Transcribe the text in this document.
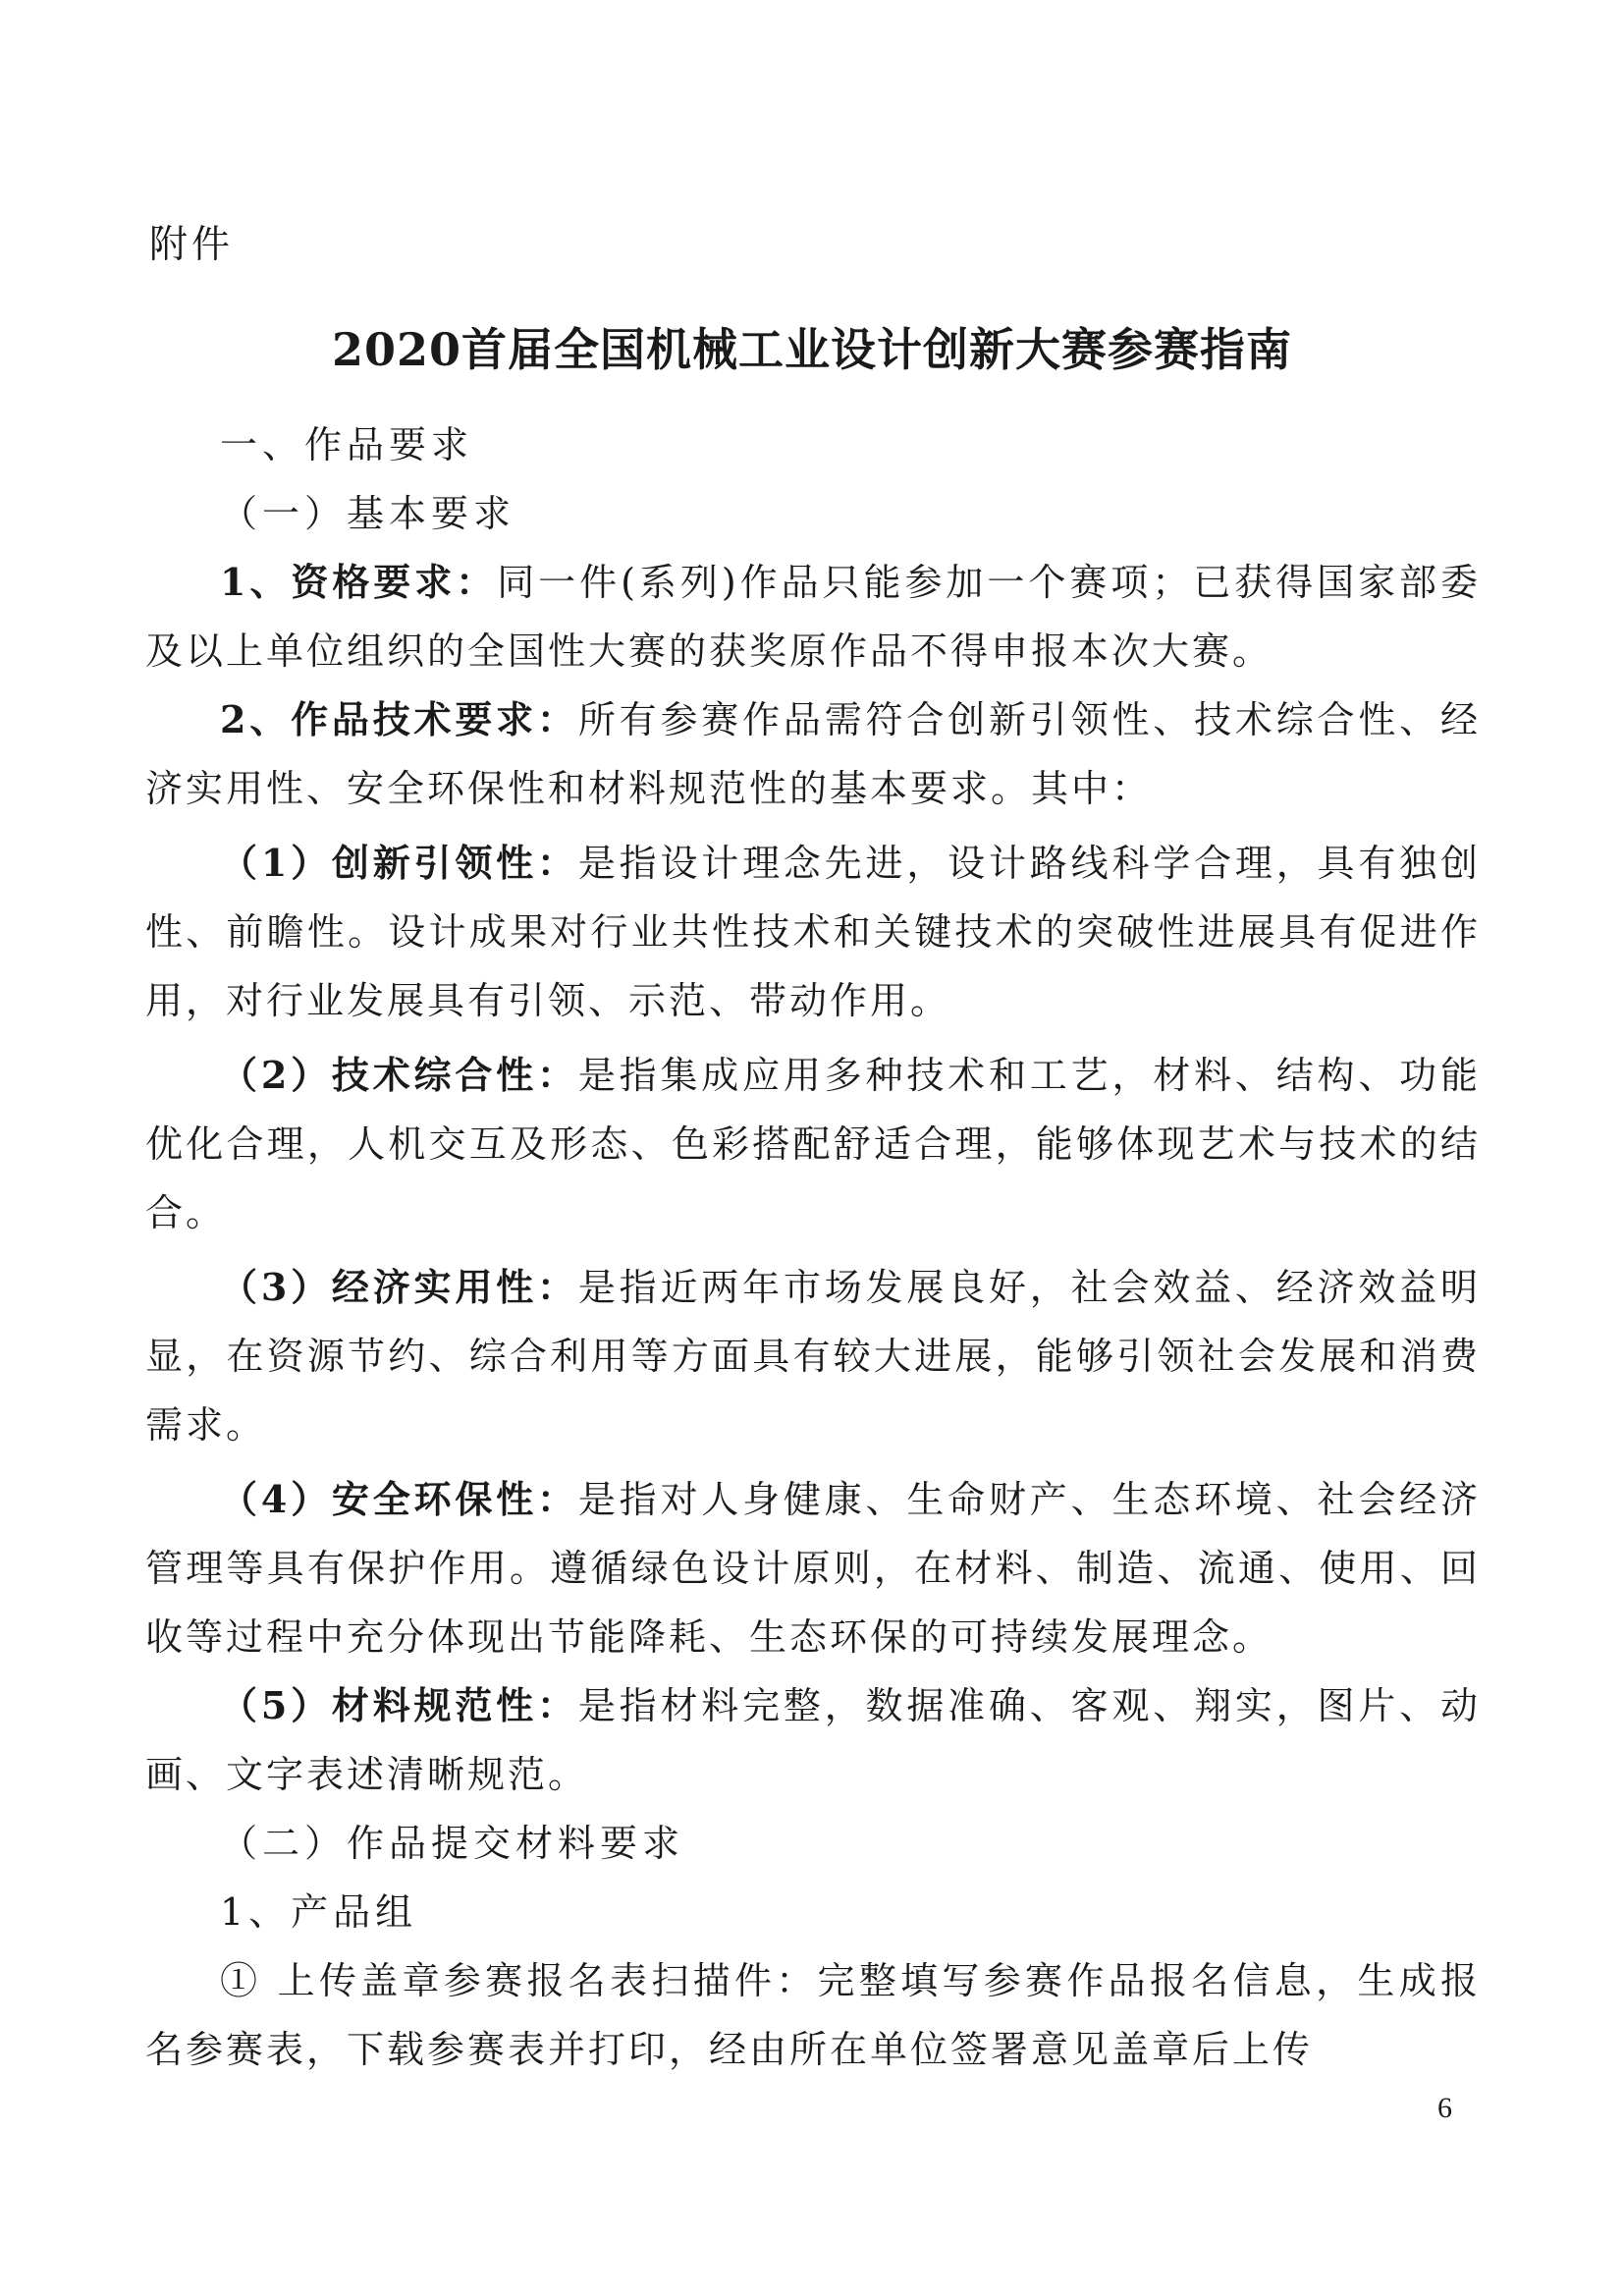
附件
2020首届全国机械工业设计创新大赛参赛指南

一、作品要求

（一）基本要求

1、资格要求：同一件(系列)作品只能参加一个赛项；已获得国家部委及以上单位组织的全国性大赛的获奖原作品不得申报本次大赛。

2、作品技术要求：所有参赛作品需符合创新引领性、技术综合性、经济实用性、安全环保性和材料规范性的基本要求。其中：

（1）创新引领性：是指设计理念先进，设计路线科学合理，具有独创性、前瞻性。设计成果对行业共性技术和关键技术的突破性进展具有促进作用，对行业发展具有引领、示范、带动作用。

（2）技术综合性：是指集成应用多种技术和工艺，材料、结构、功能优化合理，人机交互及形态、色彩搭配舒适合理，能够体现艺术与技术的结合。

（3）经济实用性：是指近两年市场发展良好，社会效益、经济效益明显，在资源节约、综合利用等方面具有较大进展，能够引领社会发展和消费需求。

（4）安全环保性：是指对人身健康、生命财产、生态环境、社会经济管理等具有保护作用。遵循绿色设计原则，在材料、制造、流通、使用、回收等过程中充分体现出节能降耗、生态环保的可持续发展理念。

（5）材料规范性：是指材料完整，数据准确、客观、翔实，图片、动画、文字表述清晰规范。

（二）作品提交材料要求

1、产品组

① 上传盖章参赛报名表扫描件：完整填写参赛作品报名信息，生成报名参赛表，下载参赛表并打印，经由所在单位签署意见盖章后上传

6
